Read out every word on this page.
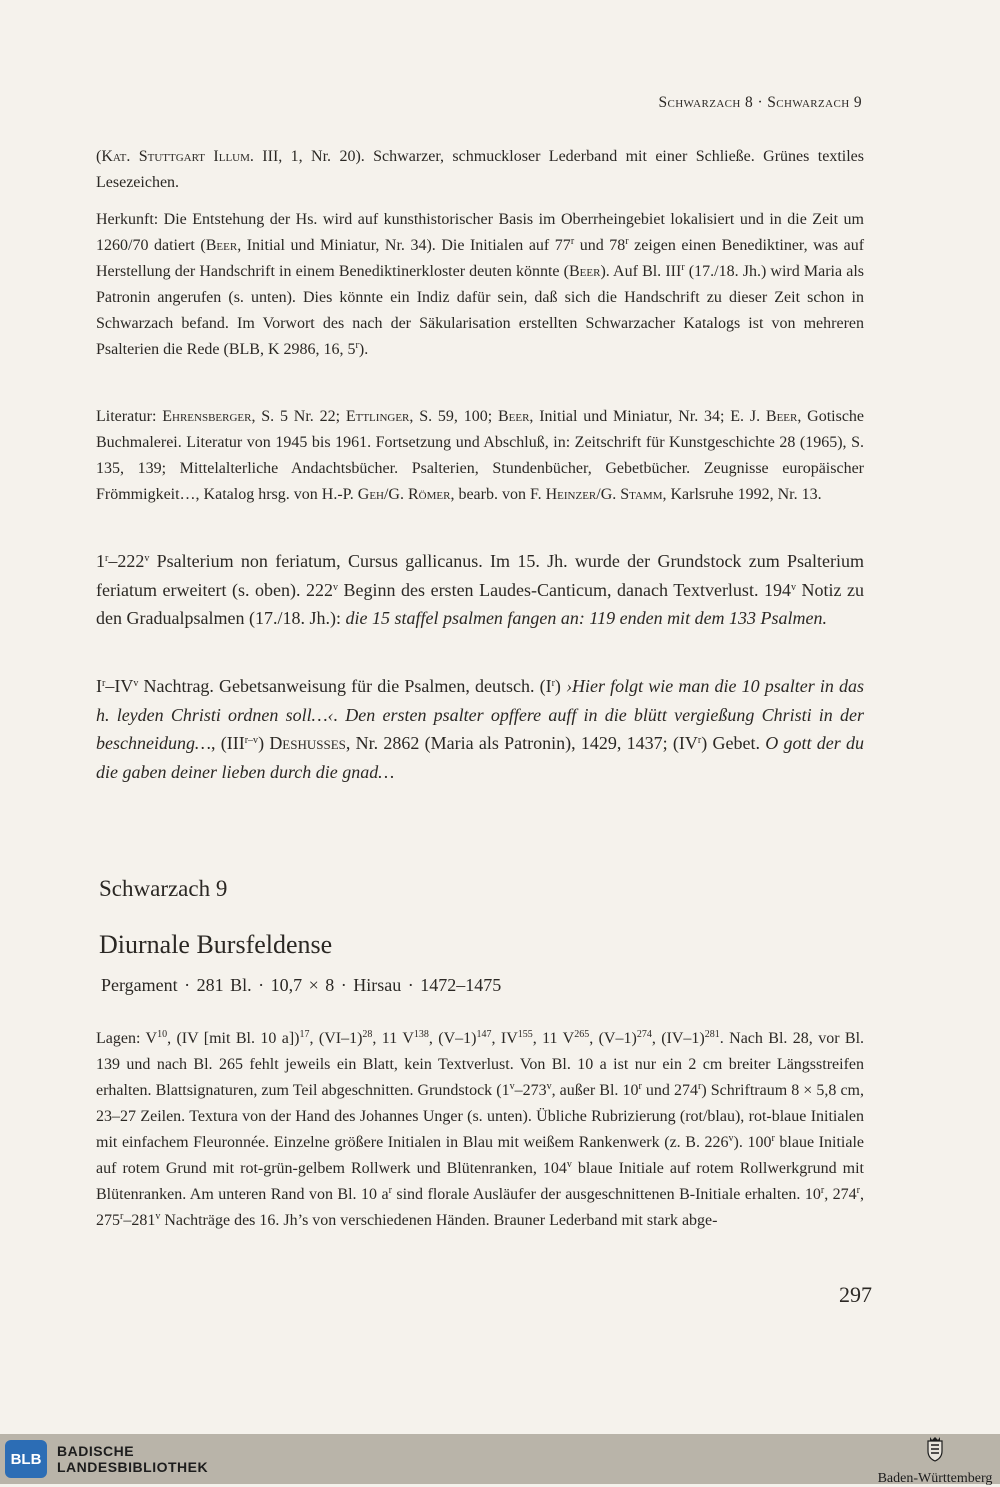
Schwarzach 8 · Schwarzach 9

(Kat. Stuttgart Illum. III, 1, Nr. 20). Schwarzer, schmuckloser Lederband mit einer Schließe. Grünes textiles Lesezeichen.

Herkunft: Die Entstehung der Hs. wird auf kunsthistorischer Basis im Oberrheingebiet lokalisiert und in die Zeit um 1260/70 datiert (Beer, Initial und Miniatur, Nr. 34). Die Initialen auf 77$^r$ und 78$^r$ zeigen einen Benediktiner, was auf Herstellung der Handschrift in einem Benediktinerkloster deuten könnte (Beer). Auf Bl. III$^r$ (17./18. Jh.) wird Maria als Patronin angerufen (s. unten). Dies könnte ein Indiz dafür sein, daß sich die Handschrift zu dieser Zeit schon in Schwarzach befand. Im Vorwort des nach der Säkularisation erstellten Schwarzacher Katalogs ist von mehreren Psalterien die Rede (BLB, K 2986, 16, 5$^r$).

Literatur: Ehrensberger, S. 5 Nr. 22; Ettlinger, S. 59, 100; Beer, Initial und Miniatur, Nr. 34; E. J. Beer, Gotische Buchmalerei. Literatur von 1945 bis 1961. Fortsetzung und Abschluß, in: Zeitschrift für Kunstgeschichte 28 (1965), S. 135, 139; Mittelalterliche Andachtsbücher. Psalterien, Stundenbücher, Gebetbücher. Zeugnisse europäischer Frömmigkeit…, Katalog hrsg. von H.-P. Geh/G. Römer, bearb. von F. Heinzer/G. Stamm, Karlsruhe 1992, Nr. 13.

1$^r$–222$^v$ Psalterium non feriatum, Cursus gallicanus. Im 15. Jh. wurde der Grundstock zum Psalterium feriatum erweitert (s. oben). 222$^v$ Beginn des ersten Laudes-Canticum, danach Textverlust. 194$^v$ Notiz zu den Gradualpsalmen (17./18. Jh.): die 15 staffel psalmen fangen an: 119 enden mit dem 133 Psalmen.

$I^r-IV^v$ Nachtrag. Gebetsanweisung für die Psalmen, deutsch. $(I^r)$ ›Hier folgt wie man die 10 psalter in das h. leyden Christi ordnen soll…‹. Den ersten psalter opffere auff in die blütt vergießung Christi in der beschneidung…, (III$^{r-v}$) Deshusses, Nr. 2862 (Maria als Patronin), 1429, 1437; $(IV^r)$ Gebet. O gott der du die gaben deiner lieben durch die gnad…

Schwarzach 9
Diurnale Bursfeldense
Pergament · 281 Bl. · 10,7 × 8 · Hirsau · 1472–1475

Lagen: $V^{10}$, (IV [mit Bl. 10 a])$^{17}$, $(VI-1)^{28}$, 11 $V^{138}$, $(V-1)^{147}$, IV$^{155}$, 11 $V^{265}$, $(V-1)^{274}$, $(IV-1)^{281}$. Nach Bl. 28, vor Bl. 139 und nach Bl. 265 fehlt jeweils ein Blatt, kein Textverlust. Von Bl. 10 a ist nur ein 2 cm breiter Längsstreifen erhalten. Blattsignaturen, zum Teil abgeschnitten. Grundstock (1$^v$–273$^v$, außer Bl. 10$^r$ und 274$^r$) Schriftraum 8 × 5,8 cm, 23–27 Zeilen. Textura von der Hand des Johannes Unger (s. unten). Übliche Rubrizierung (rot/blau), rot-blaue Initialen mit einfachem Fleuronnée. Einzelne größere Initialen in Blau mit weißem Rankenwerk (z. B. 226$^v$). 100$^r$ blaue Initiale auf rotem Grund mit rot-grün-gelbem Rollwerk und Blütenranken, 104$^v$ blaue Initiale auf rotem Rollwerkgrund mit Blütenranken. Am unteren Rand von Bl. 10 $a^r$ sind florale Ausläufer der ausgeschnittenen B-Initiale erhalten. 10$^r$, 274$^r$, 275$^r$–281$^v$ Nachträge des 16. Jh’s von verschiedenen Händen. Brauner Lederband mit stark abge-

297
BLB	BADISCHE
LANDESBIBLIOTHEK
Baden-Württemberg
